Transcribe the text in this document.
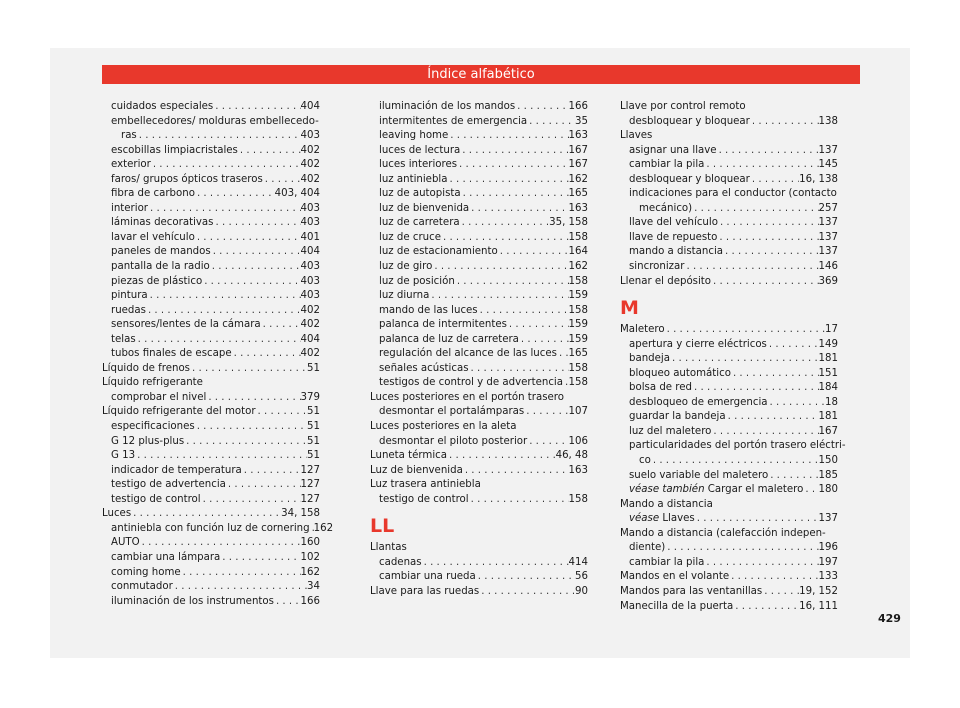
Índice alfabético
cuidados especiales . . .	404
embellecedores/ molduras embellecedo-
ras . . .	403
escobillas limpiacristales . . .	402
exterior . . .	402
faros/ grupos ópticos traseros . . .	402
fibra de carbono . . .	403, 404
interior . . .	403
láminas decorativas . . .	403
lavar el vehículo . . .	401
paneles de mandos . . .	404
pantalla de la radio . . .	403
piezas de plástico . . .	403
pintura . . .	403
ruedas . . .	402
sensores/lentes de la cámara . . .	402
telas . . .	404
tubos finales de escape . . .	402
Líquido de frenos . . .	51
Líquido refrigerante
comprobar el nivel . . .	379
Líquido refrigerante del motor . . .	51
especificaciones . . .	51
G 12 plus-plus . . .	51
G 13 . . .	51
indicador de temperatura . . .	127
testigo de advertencia . . .	127
testigo de control . . .	127
Luces . . .	34, 158
antiniebla con función luz de cornering . . . 162
AUTO . . .	160
cambiar una lámpara . . .	102
coming home . . .	162
conmutador . . .	34
iluminación de los instrumentos . . .	166
iluminación de los mandos . . .	166
intermitentes de emergencia . . .	35
leaving home . . .	163
luces de lectura . . .	167
luces interiores . . .	167
luz antiniebla . . .	162
luz de autopista . . .	165
luz de bienvenida . . .	163
luz de carretera . . .	35, 158
luz de cruce . . .	158
luz de estacionamiento . . .	164
luz de giro . . .	162
luz de posición . . .	158
luz diurna . . .	159
mando de las luces . . .	158
palanca de intermitentes . . .	159
palanca de luz de carretera . . .	159
regulación del alcance de las luces . . . 165
señales acústicas . . .	158
testigos de control y de advertencia . . . 158
Luces posteriores en el portón trasero
desmontar el portalámparas . . .	107
Luces posteriores en la aleta
desmontar el piloto posterior . . .	106
Luneta térmica . . .	46, 48
Luz de bienvenida . . .	163
Luz trasera antiniebla
testigo de control . . .	158
LL
Llantas
cadenas . . .	414
cambiar una rueda . . .	56
Llave para las ruedas . . .	90
Llave por control remoto
desbloquear y bloquear . . .	138
Llaves
asignar una llave . . .	137
cambiar la pila . . .	145
desbloquear y bloquear . . .	16, 138
indicaciones para el conductor (contacto
mecánico) . . .	257
llave del vehículo . . .	137
llave de repuesto . . .	137
mando a distancia . . .	137
sincronizar . . .	146
Llenar el depósito . . .	369
M
Maletero . . .	17
apertura y cierre eléctricos . . .	149
bandeja . . .	181
bloqueo automático . . .	151
bolsa de red . . .	184
desbloqueo de emergencia . . .	18
guardar la bandeja . . .	181
luz del maletero . . .	167
particularidades del portón trasero eléctri-
co . . .	150
suelo variable del maletero . . .	185
véase también Cargar el maletero . . . 180
Mando a distancia
véase Llaves . . .	137
Mando a distancia (calefacción indepen-
diente) . . .	196
cambiar la pila . . .	197
Mandos en el volante . . .	133
Mandos para las ventanillas . . .	19, 152
Manecilla de la puerta . . .	16, 111
429
